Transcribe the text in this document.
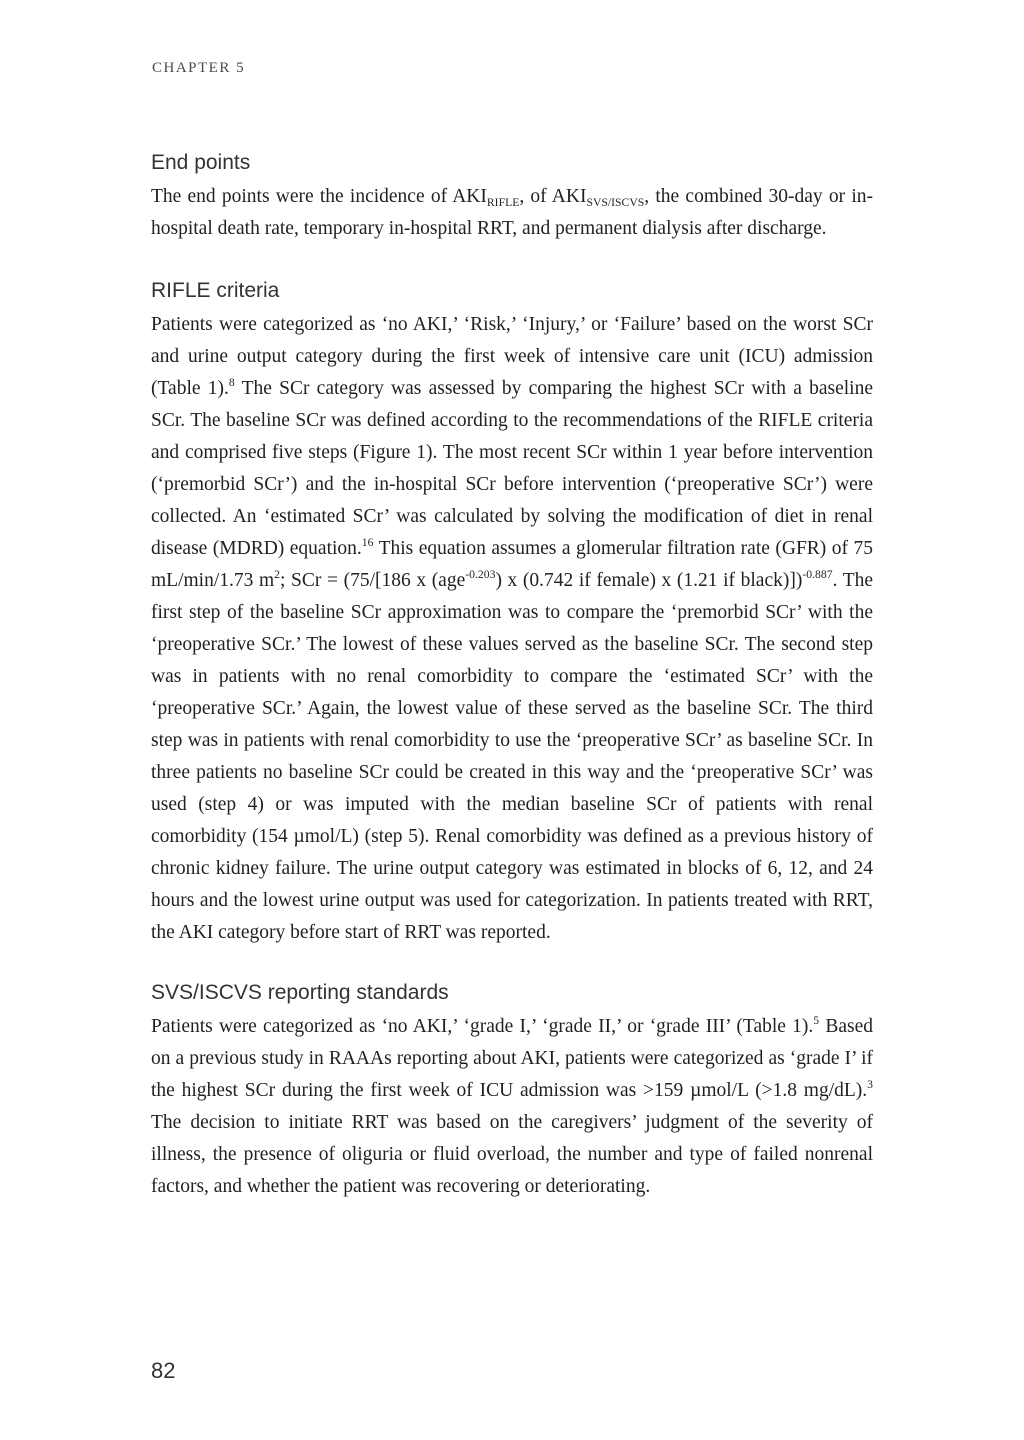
CHAPTER 5
End points

The end points were the incidence of $AKI_{RIFLE}$, of $AKI_{SVS/ISCVS}$, the combined 30-day or in-hospital death rate, temporary in-hospital RRT, and permanent dialysis after discharge.

RIFLE criteria

Patients were categorized as ‘no AKI,’ ‘Risk,’ ‘Injury,’ or ‘Failure’ based on the worst SCr and urine output category during the first week of intensive care unit (ICU) admission (Table 1).$^8$ The SCr category was assessed by comparing the highest SCr with a baseline SCr. The baseline SCr was defined according to the recommendations of the RIFLE criteria and comprised five steps (Figure 1). The most recent SCr within 1 year before intervention (‘premorbid SCr’) and the in-hospital SCr before intervention (‘preoperative SCr’) were collected. An ‘estimated SCr’ was calculated by solving the modification of diet in renal disease (MDRD) equation.$^{16}$ This equation assumes a glomerular filtration rate (GFR) of 75 mL/min/1.73 $m^2$; SCr = (75/[186 x (age$^{-0.203}$) x (0.742 if female) x (1.21 if black)])$^{-0.887}$. The first step of the baseline SCr approximation was to compare the ‘premorbid SCr’ with the ‘preoperative SCr.’ The lowest of these values served as the baseline SCr. The second step was in patients with no renal comorbidity to compare the ‘estimated SCr’ with the ‘preoperative SCr.’ Again, the lowest value of these served as the baseline SCr. The third step was in patients with renal comorbidity to use the ‘preoperative SCr’ as baseline SCr. In three patients no baseline SCr could be created in this way and the ‘preoperative SCr’ was used (step 4) or was imputed with the median baseline SCr of patients with renal comorbidity (154 µmol/L) (step 5). Renal comorbidity was defined as a previous history of chronic kidney failure. The urine output category was estimated in blocks of 6, 12, and 24 hours and the lowest urine output was used for categorization. In patients treated with RRT, the AKI category before start of RRT was reported.

SVS/ISCVS reporting standards

Patients were categorized as ‘no AKI,’ ‘grade I,’ ‘grade II,’ or ‘grade III’ (Table 1).$^5$ Based on a previous study in RAAAs reporting about AKI, patients were categorized as ‘grade I’ if the highest SCr during the first week of ICU admission was >159 µmol/L (>1.8 mg/dL).$^3$ The decision to initiate RRT was based on the caregivers’ judgment of the severity of illness, the presence of oliguria or fluid overload, the number and type of failed nonrenal factors, and whether the patient was recovering or deteriorating.

82
